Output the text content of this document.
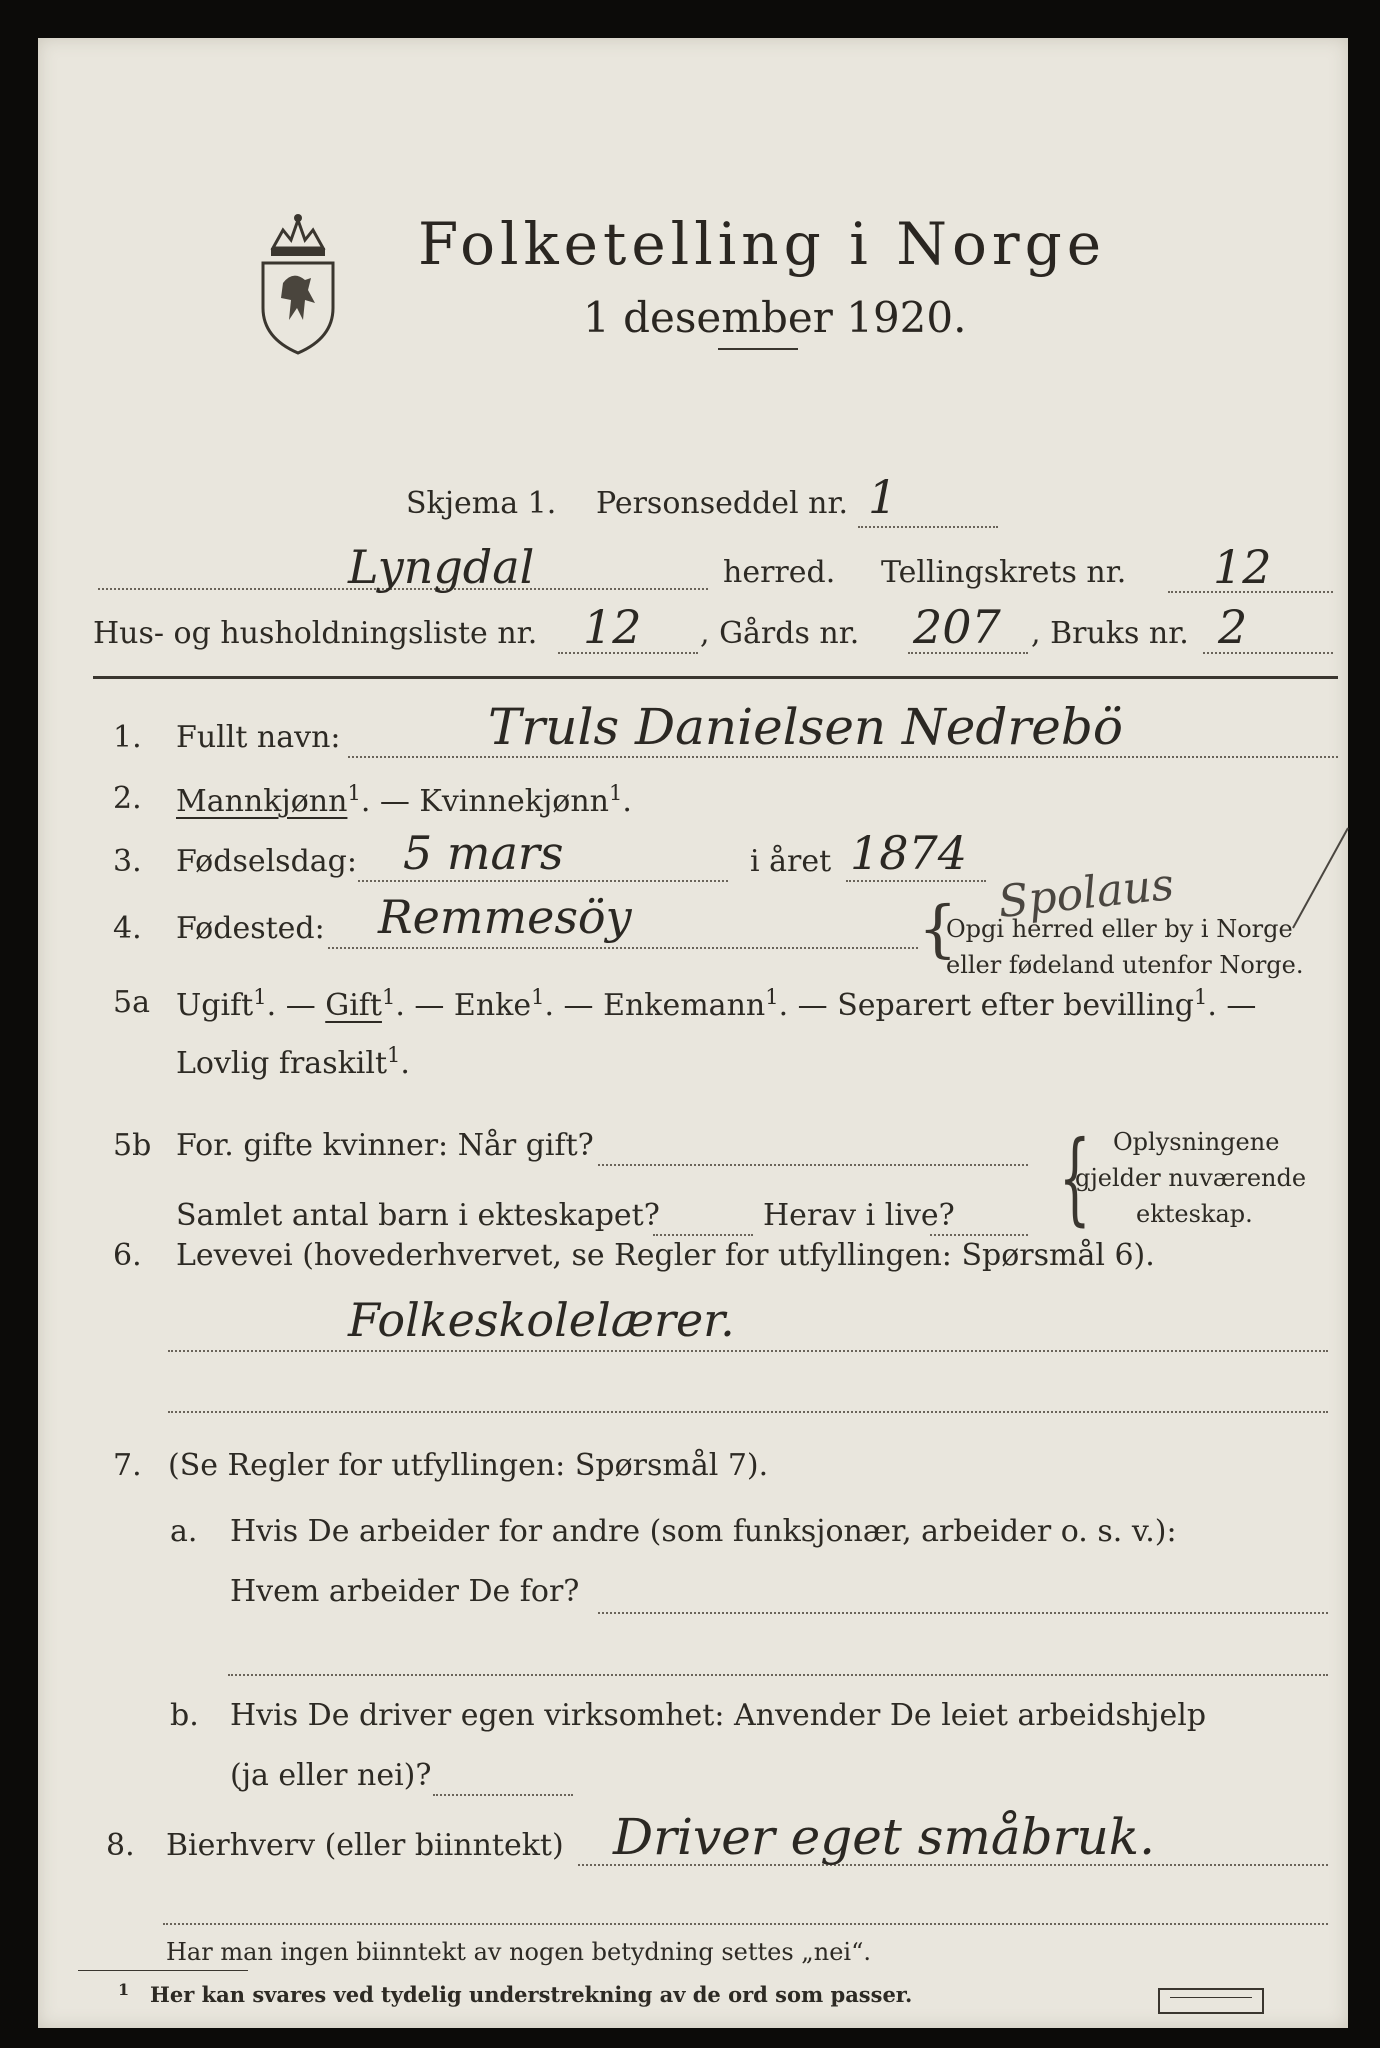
Folketelling i Norge
1 desember 1920.
Skjema 1. Personseddel nr. 1
Lyngdal	herred. Tellingskrets nr. 12
Hus- og husholdningsliste nr. 12 , Gårds nr. 207 , Bruks nr. 2
1. Fullt navn:	Truls Danielsen Nedrebö
2. Mannkjønn$^1$. — Kvinnekjønn$^1$.
3. Fødselsdag: 5 mars	i året 1874
Spolaus
4. Fødested: Remmesöy	{
Opgi herred eller by i Norge
eller fødeland utenfor Norge.
5a Ugift$^1$. — Gift$^1$. — Enke$^1$. — Enkemann$^1$. — Separert efter bevilling$^1$. —
Lovlig fraskilt$^1$.
5b For. gifte kvinner: Når gift?
Samlet antal barn i ekteskapet?	Herav i live? { Oplysningene
gjelder nuværende
ekteskap.
6. Levevei (hovederhvervet, se Regler for utfyllingen: Spørsmål 6).
Folkeskolelærer.
7. (Se Regler for utfyllingen: Spørsmål 7).
a. Hvis De arbeider for andre (som funksjonær, arbeider o. s. v.):
Hvem arbeider De for?
b. Hvis De driver egen virksomhet: Anvender De leiet arbeidshjelp
(ja eller nei)?
8. Bierhverv (eller biinntekt) Driver eget småbruk.
Har man ingen biinntekt av nogen betydning settes „nei“.
1 Her kan svares ved tydelig understrekning av de ord som passer.
